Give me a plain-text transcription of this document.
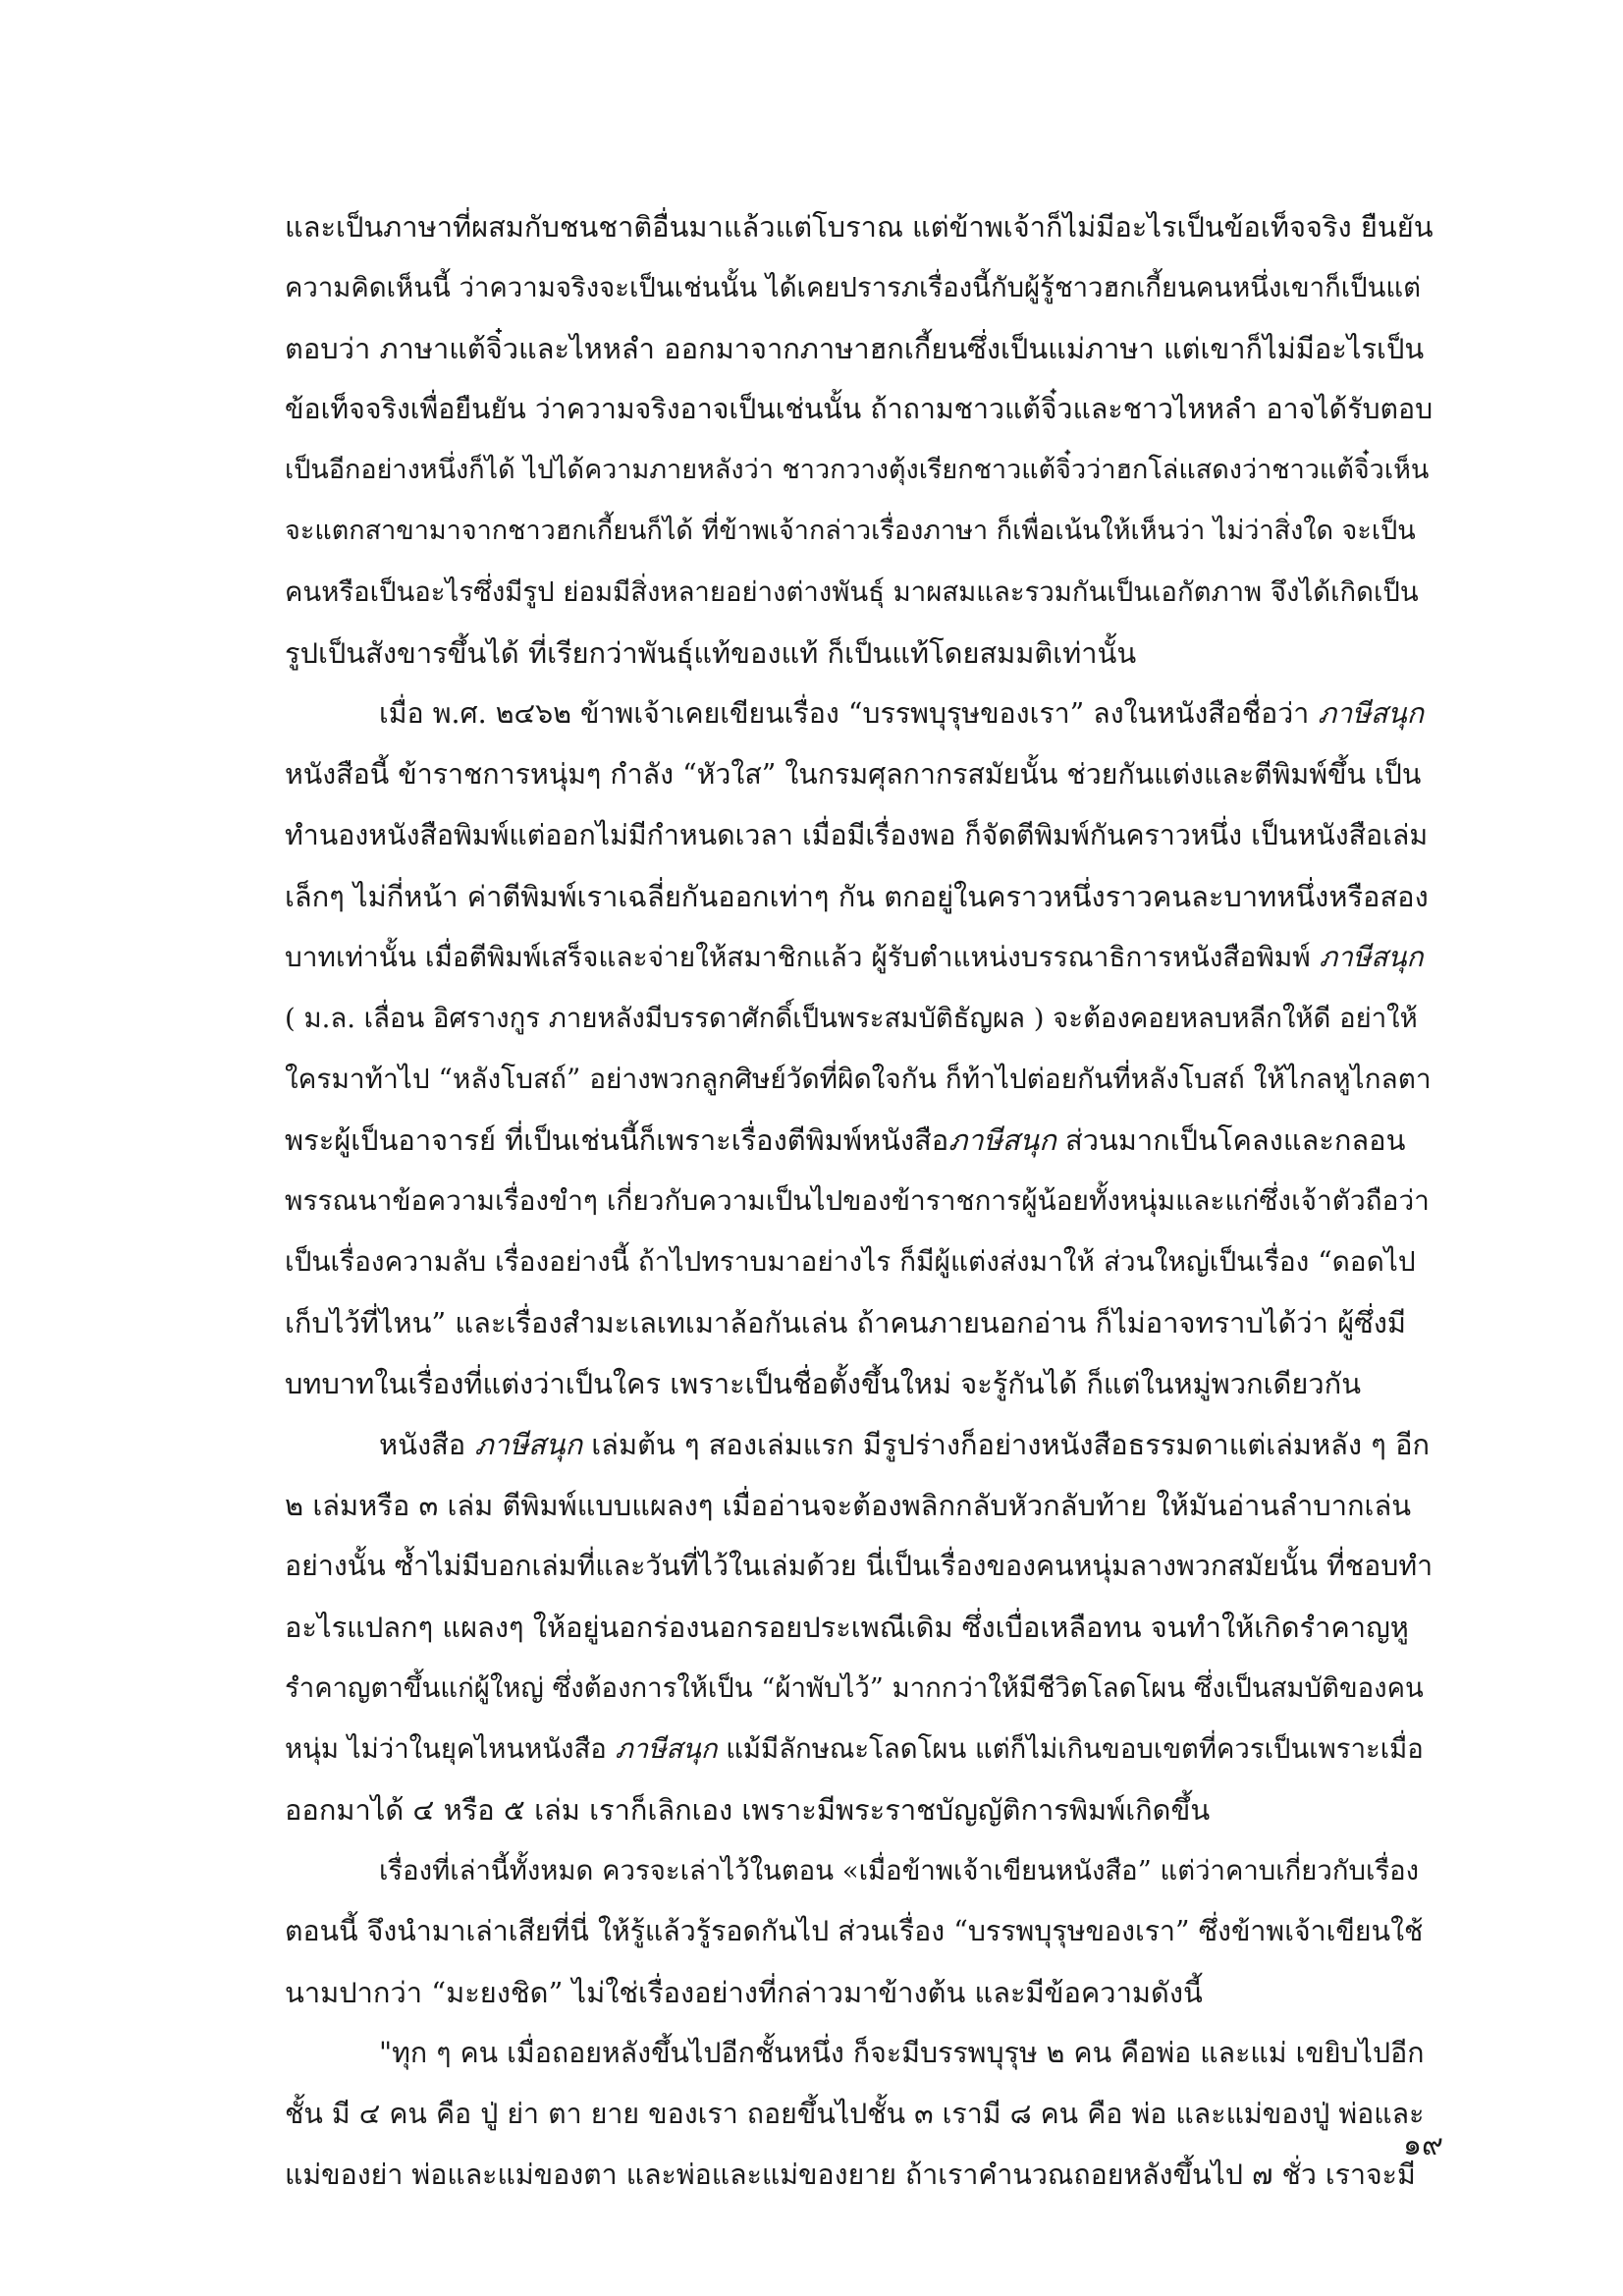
และเป็นภาษาที่ผสมกับชนชาติอื่นมาแล้วแต่โบราณ แต่ข้าพเจ้าก็ไม่มีอะไรเป็นข้อเท็จจริง ยืนยัน
ความคิดเห็นนี้ ว่าความจริงจะเป็นเช่นนั้น ได้เคยปรารภเรื่องนี้กับผู้รู้ชาวฮกเกี้ยนคนหนึ่งเขาก็เป็นแต่
ตอบว่า ภาษาแต้จิ๋วและไหหลำ ออกมาจากภาษาฮกเกี้ยนซึ่งเป็นแม่ภาษา แต่เขาก็ไม่มีอะไรเป็น
ข้อเท็จจริงเพื่อยืนยัน ว่าความจริงอาจเป็นเช่นนั้น ถ้าถามชาวแต้จิ๋วและชาวไหหลำ อาจได้รับตอบ
เป็นอีกอย่างหนึ่งก็ได้ ไปได้ความภายหลังว่า ชาวกวางตุ้งเรียกชาวแต้จิ๋วว่าฮกโล่แสดงว่าชาวแต้จิ๋วเห็น
จะแตกสาขามาจากชาวฮกเกี้ยนก็ได้ ที่ข้าพเจ้ากล่าวเรื่องภาษา ก็เพื่อเน้นให้เห็นว่า ไม่ว่าสิ่งใด จะเป็น
คนหรือเป็นอะไรซึ่งมีรูป ย่อมมีสิ่งหลายอย่างต่างพันธุ์ มาผสมและรวมกันเป็นเอกัตภาพ จึงได้เกิดเป็น
รูปเป็นสังขารขึ้นได้ ที่เรียกว่าพันธุ์แท้ของแท้ ก็เป็นแท้โดยสมมติเท่านั้น
เมื่อ พ.ศ. ๒๔๖๒ ข้าพเจ้าเคยเขียนเรื่อง “บรรพบุรุษของเรา” ลงในหนังสือชื่อว่า ภาษีสนุก
หนังสือนี้ ข้าราชการหนุ่มๆ กำลัง “หัวใส” ในกรมศุลกากรสมัยนั้น ช่วยกันแต่งและตีพิมพ์ขึ้น เป็น
ทำนองหนังสือพิมพ์แต่ออกไม่มีกำหนดเวลา เมื่อมีเรื่องพอ ก็จัดตีพิมพ์กันคราวหนึ่ง เป็นหนังสือเล่ม
เล็กๆ ไม่กี่หน้า ค่าตีพิมพ์เราเฉลี่ยกันออกเท่าๆ กัน ตกอยู่ในคราวหนึ่งราวคนละบาทหนึ่งหรือสอง
บาทเท่านั้น เมื่อตีพิมพ์เสร็จและจ่ายให้สมาชิกแล้ว ผู้รับตำแหน่งบรรณาธิการหนังสือพิมพ์ ภาษีสนุก
( ม.ล. เลื่อน อิศรางกูร ภายหลังมีบรรดาศักดิ์เป็นพระสมบัติธัญผล ) จะต้องคอยหลบหลีกให้ดี อย่าให้
ใครมาท้าไป “หลังโบสถ์” อย่างพวกลูกศิษย์วัดที่ผิดใจกัน ก็ท้าไปต่อยกันที่หลังโบสถ์ ให้ไกลหูไกลตา
พระผู้เป็นอาจารย์ ที่เป็นเช่นนี้ก็เพราะเรื่องตีพิมพ์หนังสือภาษีสนุก ส่วนมากเป็นโคลงและกลอน
พรรณนาข้อความเรื่องขำๆ เกี่ยวกับความเป็นไปของข้าราชการผู้น้อยทั้งหนุ่มและแก่ซึ่งเจ้าตัวถือว่า
เป็นเรื่องความลับ เรื่องอย่างนี้ ถ้าไปทราบมาอย่างไร ก็มีผู้แต่งส่งมาให้ ส่วนใหญ่เป็นเรื่อง “ดอดไป
เก็บไว้ที่ไหน” และเรื่องสำมะเลเทเมาล้อกันเล่น ถ้าคนภายนอกอ่าน ก็ไม่อาจทราบได้ว่า ผู้ซึ่งมี
บทบาทในเรื่องที่แต่งว่าเป็นใคร เพราะเป็นชื่อตั้งขึ้นใหม่ จะรู้กันได้ ก็แต่ในหมู่พวกเดียวกัน
หนังสือ ภาษีสนุก เล่มต้น ๆ สองเล่มแรก มีรูปร่างก็อย่างหนังสือธรรมดาแต่เล่มหลัง ๆ อีก
๒ เล่มหรือ ๓ เล่ม ตีพิมพ์แบบแผลงๆ เมื่ออ่านจะต้องพลิกกลับหัวกลับท้าย ให้มันอ่านลำบากเล่น
อย่างนั้น ซ้ำไม่มีบอกเล่มที่และวันที่ไว้ในเล่มด้วย นี่เป็นเรื่องของคนหนุ่มลางพวกสมัยนั้น ที่ชอบทำ
อะไรแปลกๆ แผลงๆ ให้อยู่นอกร่องนอกรอยประเพณีเดิม ซึ่งเบื่อเหลือทน จนทำให้เกิดรำคาญหู
รำคาญตาขึ้นแก่ผู้ใหญ่ ซึ่งต้องการให้เป็น “ผ้าพับไว้” มากกว่าให้มีชีวิตโลดโผน ซึ่งเป็นสมบัติของคน
หนุ่ม ไม่ว่าในยุคไหนหนังสือ ภาษีสนุก แม้มีลักษณะโลดโผน แต่ก็ไม่เกินขอบเขตที่ควรเป็นเพราะเมื่อ
ออกมาได้ ๔ หรือ ๕ เล่ม เราก็เลิกเอง เพราะมีพระราชบัญญัติการพิมพ์เกิดขึ้น
เรื่องที่เล่านี้ทั้งหมด ควรจะเล่าไว้ในตอน «เมื่อข้าพเจ้าเขียนหนังสือ” แต่ว่าคาบเกี่ยวกับเรื่อง
ตอนนี้ จึงนำมาเล่าเสียที่นี่ ให้รู้แล้วรู้รอดกันไป ส่วนเรื่อง “บรรพบุรุษของเรา” ซึ่งข้าพเจ้าเขียนใช้
นามปากว่า “มะยงชิด” ไม่ใช่เรื่องอย่างที่กล่าวมาข้างต้น และมีข้อความดังนี้
"ทุก ๆ คน เมื่อถอยหลังขึ้นไปอีกชั้นหนึ่ง ก็จะมีบรรพบุรุษ ๒ คน คือพ่อ และแม่ เขยิบไปอีก
ชั้น มี ๔ คน คือ ปู่ ย่า ตา ยาย ของเรา ถอยขึ้นไปชั้น ๓ เรามี ๘ คน คือ พ่อ และแม่ของปู่ พ่อและ
แม่ของย่า พ่อและแม่ของตา และพ่อและแม่ของยาย ถ้าเราคำนวณถอยหลังขึ้นไป ๗ ชั่ว เราจะมี
๑๙
